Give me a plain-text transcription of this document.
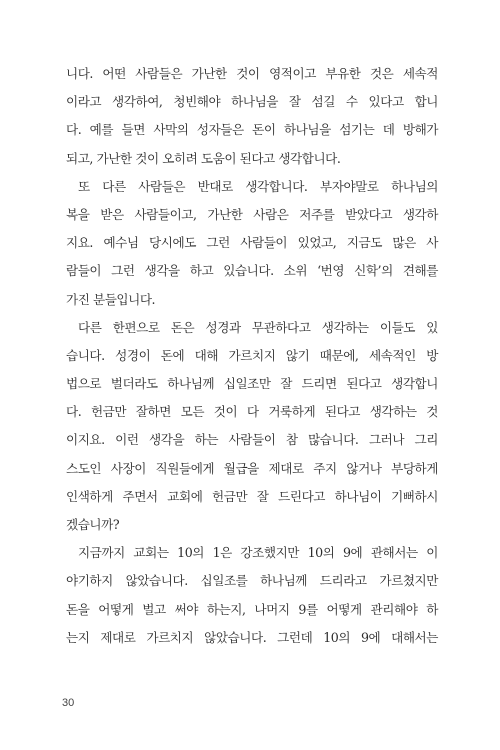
니다. 어떤 사람들은 가난한 것이 영적이고 부유한 것은 세속적
이라고 생각하여, 청빈해야 하나님을 잘 섬길 수 있다고 합니
다. 예를 들면 사막의 성자들은 돈이 하나님을 섬기는 데 방해가
되고, 가난한 것이 오히려 도움이 된다고 생각합니다.
또 다른 사람들은 반대로 생각합니다. 부자야말로 하나님의
복을 받은 사람들이고, 가난한 사람은 저주를 받았다고 생각하
지요. 예수님 당시에도 그런 사람들이 있었고, 지금도 많은 사
람들이 그런 생각을 하고 있습니다. 소위 ‘번영 신학’의 견해를
가진 분들입니다.
다른 한편으로 돈은 성경과 무관하다고 생각하는 이들도 있
습니다. 성경이 돈에 대해 가르치지 않기 때문에, 세속적인 방
법으로 벌더라도 하나님께 십일조만 잘 드리면 된다고 생각합니
다. 헌금만 잘하면 모든 것이 다 거룩하게 된다고 생각하는 것
이지요. 이런 생각을 하는 사람들이 참 많습니다. 그러나 그리
스도인 사장이 직원들에게 월급을 제대로 주지 않거나 부당하게
인색하게 주면서 교회에 헌금만 잘 드린다고 하나님이 기뻐하시
겠습니까?
지금까지 교회는 10의 1은 강조했지만 10의 9에 관해서는 이
야기하지 않았습니다. 십일조를 하나님께 드리라고 가르쳤지만
돈을 어떻게 벌고 써야 하는지, 나머지 9를 어떻게 관리해야 하
는지 제대로 가르치지 않았습니다. 그런데 10의 9에 대해서는
30
